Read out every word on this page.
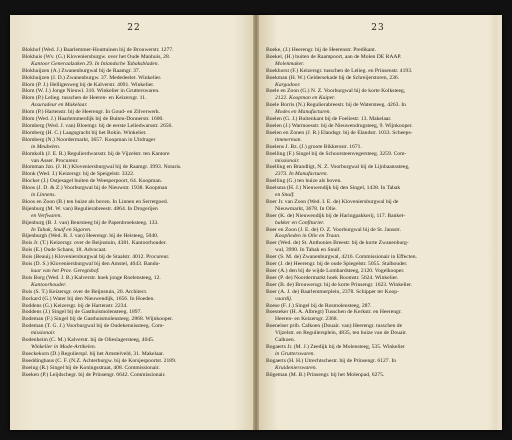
22
Blokhof (Wed. J.) Baarlemmer-Houttuinen bij de Brouwerstr. 1277.
Blokhuis (Wv. (G.) Kloveniersburgw. over het Oude Manhuis, 28.
Kantoor Generaalzaken 29. In Inlandsche Tabaksbladen.
Blokhuijzen (A.) Zwanenburgwal bij de Raamgr. 37.
Blokhuijzen (J. D.) Zwanenburgw. 37. Mededeeler. Winkelier.
Blom (P. J.) Helligenweg bij de Kalverstr. 4091. Winkelier.
Blom (W. J.) Jonge Nieuwl. 316. Winkelier in Grutterswaren.
Blom (P.) Lelieg. tusschen de Heeren- en Keizersgr. 11.
Assuradeur en Makelaar.
Blom (P.) Hartenstr. bij de Heerengr. In Goud- en Zilverwerk.
Blom (Wed. J.) Haarlemmerdijk bij de Buiten-Donnerstr. 1600.
Blomberg (Wed. J. van) Bloemgr. bij de eerste Leliedwarsstr. 2656.
Blomberg (H. C.) Laagsgracht bij het Rokin. Winkelier.
Blomberg (N.) Noordermarkt, 3657. Koopman in Uitdrager
in Meubelen.
Blomkolk (J. E. R.) Regulierdwarsstr. bij de Vijzelstr. ten Kantore
van Asser. Procureur.
Blomman Jzn. (J. H.) Kloveniersburgwal bij de Raamgr. 3993. Notaris.
Blonk (Wed. J.) Keizersgr. bij de Speigelstr. 3322.
Blocker (J.) Ostjesagel buiten de Weesperpoort, 64. Koopman.
Bloos (J. D. & Z.) Voorburgwal bij de Nieuwstr. 1938. Koopman
in Linnens.
Bloos en Zoon (B.) ten huize als boven. In Linnen en Serretgoed.
Bijenburg (M. W. van) Regulierabreestr. 4864. In Drogerijen
en Verfwaren.
Bijenburg (B. J. van) Beursteeg bij de Papenbroeksteeg. 133.
In Tabak, Snuif en Sigaren.
Bijenburgh (Wed. B. J. van) Heerengr. bij de Heisteeg, 5040.
Bois Jr. (T.) Keizersgr. over de Beijnstuin, 4381. Kantoorhouder.
Bois (E.) Oude Schans, 18. Advocaat.
Bois (Beauij.) Kloveniersburgwal bij de Staalstr. 4012. Procureur.
Bois (D. S.) Kloveniersburgwal bij den Amstel, 4043. Bandu-
kaar van het Prov. Geregtshof.
Bois Borg (Wed. J. B.) Kalverstr. hoek jonge Roelensteeg, 12.
Kantoorhouder.
Bois (S. T.) Keizersgr. over de Beijnstuin, 20. Architect.
Bockard (G.) Water bij den Nieuwendijk, 1656. In Hoeden.
Boddens (G.) Keizersgr. bij de Hartenstr. 2234.
Boddens (J.) Singel bij de Gasthuismolensteeg. 1897.
Bodeman (F.) Singel bij de Gasthuismolensteeg. 2868. Wijnkooper.
Bodeman (T. G. J.) Voorburgwal bij de Oudekennissteeg. Com-
missionair.
Bodenheim (C. M.) Kalverstr. bij de Olieslagersteeg, 4045.
Winkelier in Mode-Artikelen.
Boeckekorn (D.) Regulierspl. bij het Amstelveld, 31. Makelaar.
Boeddinghaus (C. F. (N.Z. Achterburgw. bij de Korsjespoortst. 2189.
Boeing (R.) Singel bij de Koningsstraat, 408. Commissionair.
Boeken (P.) Leijdschegr. bij de Prinsengr. 6642. Commissionair.
23
Boeke, (J.) Heerengr. bij de Heerenstr. Predikant.
Boekel, (H.) buiten de Raampoort, aan de Molen DE RAAP.
Molenmaker.
Boekhorst (F.) Keizersgr. tusschen de Lelieg. en Prinsenstr. 4193.
Boekman (H. W.) Geldersekade bij de Schreijerstoren, 236.
Kargadoor.
Boele en Zoon (G.) N. Z. Voorburgwal bij de korte Kolksteeg,
2122. Koopman en Kuiper.
Boele Borris (N.) Regulierabreestr. bij de Watersteeg. 4263. In
Modes en Manufacturen.
Boelen (G. J.) Buitenkant bij de Foeliestr. 13. Makelaar.
Boelen (J.) Warmoesstr. bij de Nieuwendrugsteeg, 9. Wijnkooper.
Boelen en Zonen (J. R.) Elandsgr. bij de Elandstr. 1033. Scheeps-
timmerman.
Boelens J. Bz. (J.) groote Bikkersstr. 1671.
Boelling (F.) Singel bij de Schoorsteenvegersteeg. 3259. Com-
missionair.
Boelling en Brandligt, N. Z. Voorburgwal bij de Lijnbaanssteeg,
2373. In Manufacturen.
Boelling (G.) ten huize als boven.
Boelsma (H. J.) Nieuwendijk bij den Singel, 1438. In Tabak
en Snuif.
Boer Jr. van Zoon (Wed. I. E. de) Kloveniersburgwal bij de
Nieuwmarkt, 3678. In Olie.
Boer (K. de) Nieuwendijk bij de Haringpakkerij, 117. Banket-
bakker en Confiturier.
Boer en Zoon (J. E. de) O. Z. Voorburgwal bij de St. Jansstr.
Kooplieden in Olie en Traan.
Boer (Wed. de) St. Anthonies Breestr. bij de korte Zwanenburg-
wal, 3990. In Tabak en Snuif.
Boer (S. M. de) Zwanenburgwal, 4216. Commissionair in Effecten.
Boer (J. de) Heerengr. bij de oude Spiegelstr. 5055. Stalhouder.
Boer (A.) den bij de wijde Lombardsteeg, 2120. Vogelkooper.
Boer (P. de) Noordermarkt hoek Boomstr. 5624. Winkelier.
Boer (B. de) Brouwersgr. bij de korte Prinsengr. 1623. Winkelier.
Boer (A. J. de) Baarlemmerplein, 2378. Schipper ter Koop-
vaardij.
Boese (F. J.) Singel bij de Rosmolensteeg, 287.
Boesteker (H. A. Albregt) Tusschen de Kerkstr. en Heerengr.
Heeren- en Keizersgr. 2368.
Boenelser prib. Calkoen (Douair. van) Heerengr. tusschen de
Vijzelstr. en Reguliersplein, 4835, ten huize van de Douair.
Calkoen.
Bogaerts Jr. (M. J.) Zeedijk bij de Molensteeg, 535. Winkelier
in Grutterswaren.
Bogaerts (H. H.) Utrechtschestr. bij de Prinsengr. 6127. In
Kruidenierswaren.
Bögeman (M. B.) Prinsengr. bij het Molenpad, 6275.
